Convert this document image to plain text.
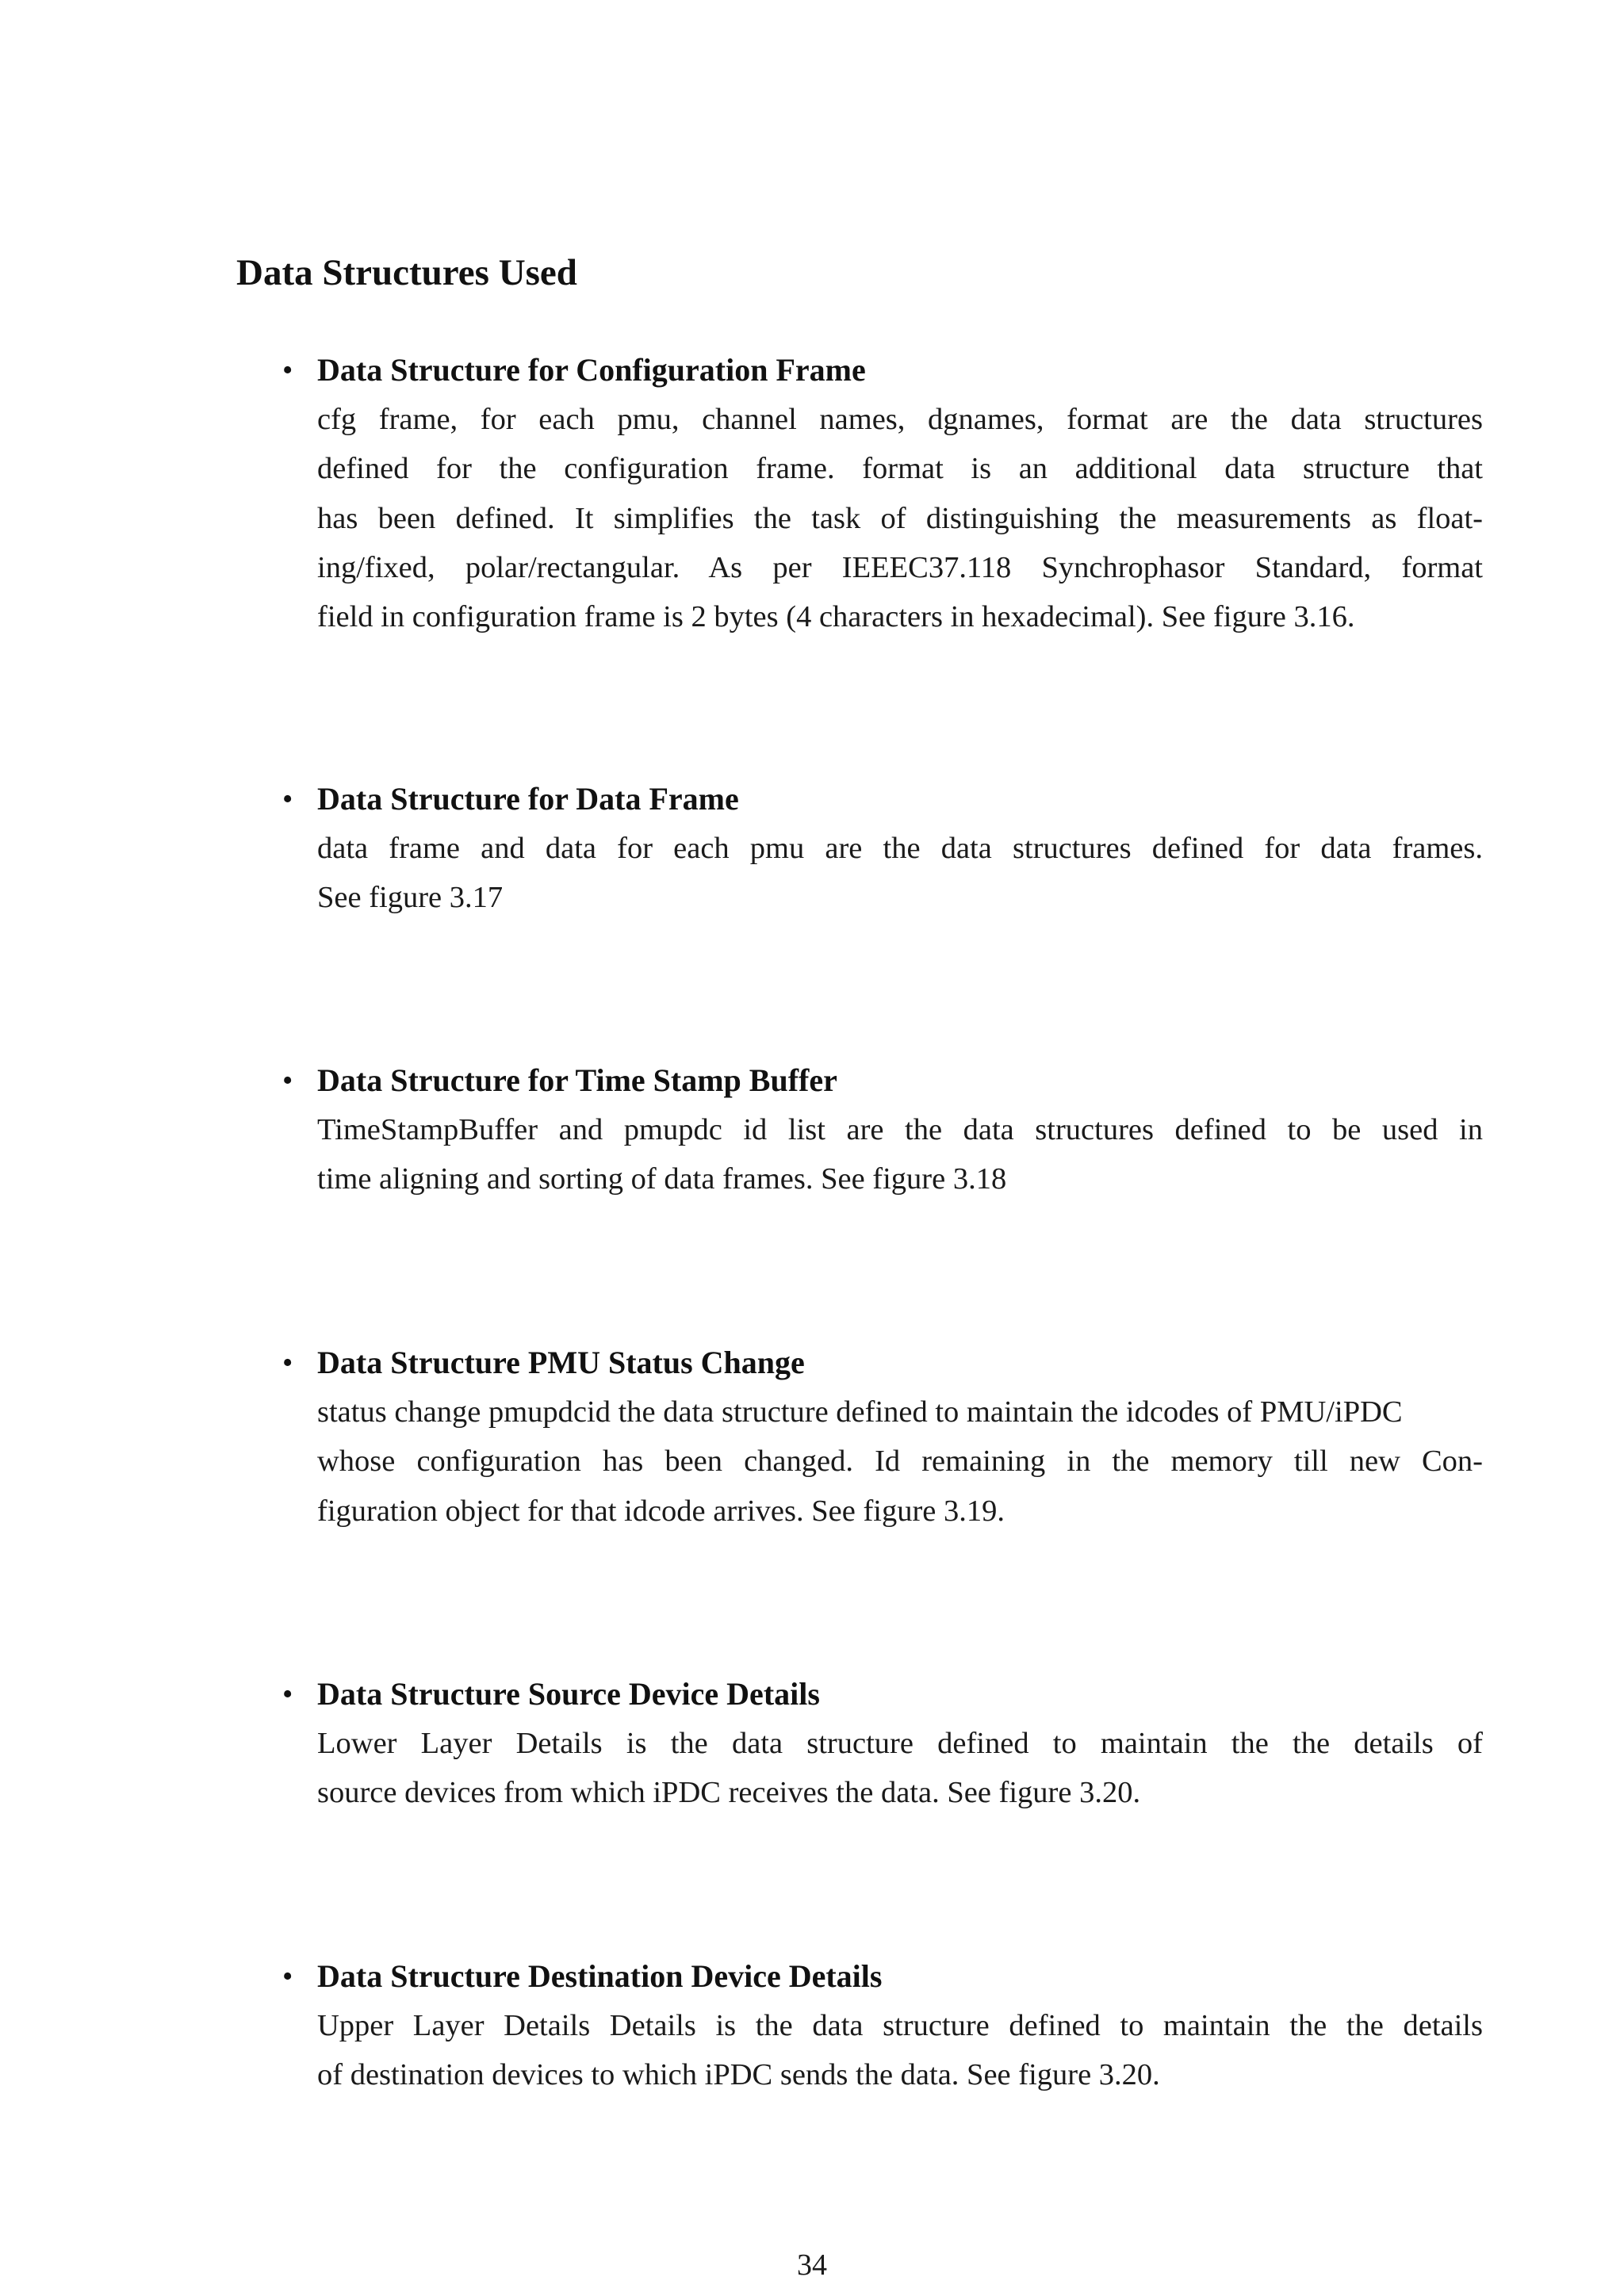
Data Structures Used
• Data Structure for Configuration Frame

cfg frame, for each pmu, channel names, dgnames, format are the data structures
defined for the configuration frame. format is an additional data structure that
has been defined. It simplifies the task of distinguishing the measurements as float-
ing/fixed, polar/rectangular. As per IEEEC37.118 Synchrophasor Standard, format
field in configuration frame is 2 bytes (4 characters in hexadecimal). See figure 3.16.

• Data Structure for Data Frame

data frame and data for each pmu are the data structures defined for data frames.
See figure 3.17

• Data Structure for Time Stamp Buffer

TimeStampBuffer and pmupdc id list are the data structures defined to be used in
time aligning and sorting of data frames. See figure 3.18

• Data Structure PMU Status Change

status change pmupdcid the data structure defined to maintain the idcodes of PMU/iPDC
whose configuration has been changed. Id remaining in the memory till new Con-
figuration object for that idcode arrives. See figure 3.19.

• Data Structure Source Device Details

Lower Layer Details is the data structure defined to maintain the the details of
source devices from which iPDC receives the data. See figure 3.20.

• Data Structure Destination Device Details

Upper Layer Details Details is the data structure defined to maintain the the details
of destination devices to which iPDC sends the data. See figure 3.20.

34
